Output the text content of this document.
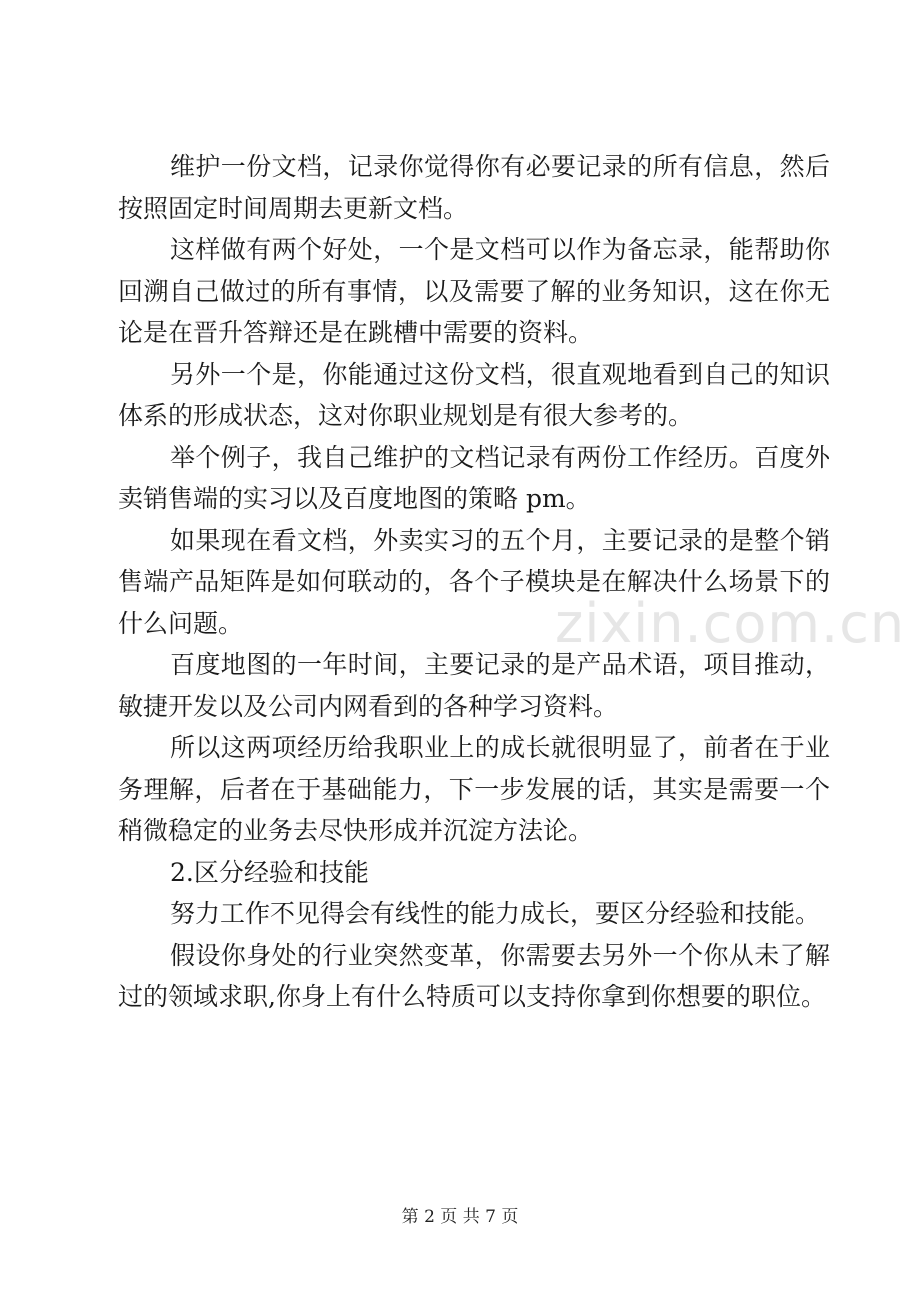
维护一份文档，记录你觉得你有必要记录的所有信息，然后按照固定时间周期去更新文档。

这样做有两个好处，一个是文档可以作为备忘录，能帮助你回溯自己做过的所有事情，以及需要了解的业务知识，这在你无论是在晋升答辩还是在跳槽中需要的资料。

另外一个是，你能通过这份文档，很直观地看到自己的知识体系的形成状态，这对你职业规划是有很大参考的。

举个例子，我自己维护的文档记录有两份工作经历。百度外卖销售端的实习以及百度地图的策略 pm。

如果现在看文档，外卖实习的五个月，主要记录的是整个销售端产品矩阵是如何联动的，各个子模块是在解决什么场景下的什么问题。

百度地图的一年时间，主要记录的是产品术语，项目推动，敏捷开发以及公司内网看到的各种学习资料。

所以这两项经历给我职业上的成长就很明显了，前者在于业务理解，后者在于基础能力，下一步发展的话，其实是需要一个稍微稳定的业务去尽快形成并沉淀方法论。

2.区分经验和技能

努力工作不见得会有线性的能力成长，要区分经验和技能。

假设你身处的行业突然变革，你需要去另外一个你从未了解过的领域求职,你身上有什么特质可以支持你拿到你想要的职位。

zixin.com.cn
第 2 页 共 7 页
